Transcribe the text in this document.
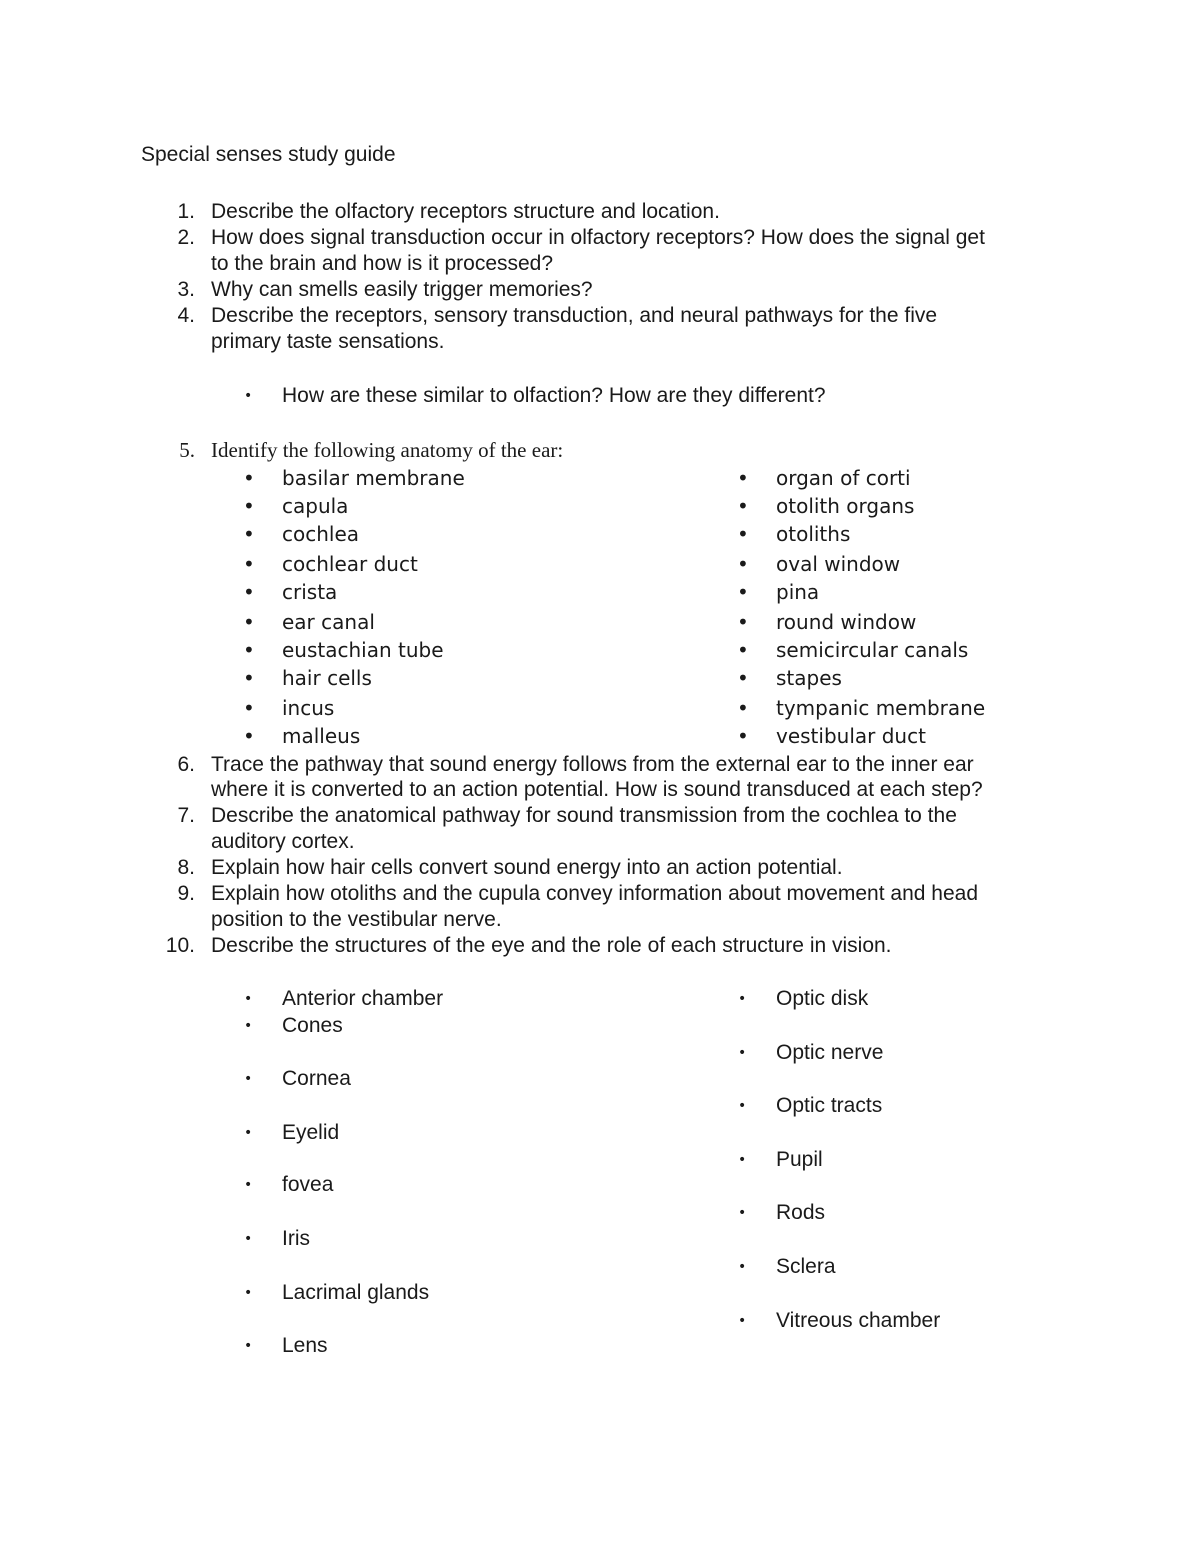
Special senses study guide
1. Describe the olfactory receptors structure and location.
2. How does signal transduction occur in olfactory receptors? How does the signal get
to the brain and how is it processed?
3. Why can smells easily trigger memories?
4. Describe the receptors, sensory transduction, and neural pathways for the five
primary taste sensations.
• How are these similar to olfaction? How are they different?
5. Identify the following anatomy of the ear:
• basilar membrane
• capula
• cochlea
• cochlear duct
• crista
• ear canal
• eustachian tube
• hair cells
• incus
• malleus
• organ of corti
• otolith organs
• otoliths
• oval window
• pina
• round window
• semicircular canals
• stapes
• tympanic membrane
• vestibular duct
6. Trace the pathway that sound energy follows from the external ear to the inner ear
where it is converted to an action potential. How is sound transduced at each step?
7. Describe the anatomical pathway for sound transmission from the cochlea to the
auditory cortex.
8. Explain how hair cells convert sound energy into an action potential.
9. Explain how otoliths and the cupula convey information about movement and head
position to the vestibular nerve.
10. Describe the structures of the eye and the role of each structure in vision.
• Anterior chamber
• Cones
• Cornea
• Eyelid
• fovea
• Iris
• Lacrimal glands
• Lens
• Optic disk
• Optic nerve
• Optic tracts
• Pupil
• Rods
• Sclera
• Vitreous chamber
